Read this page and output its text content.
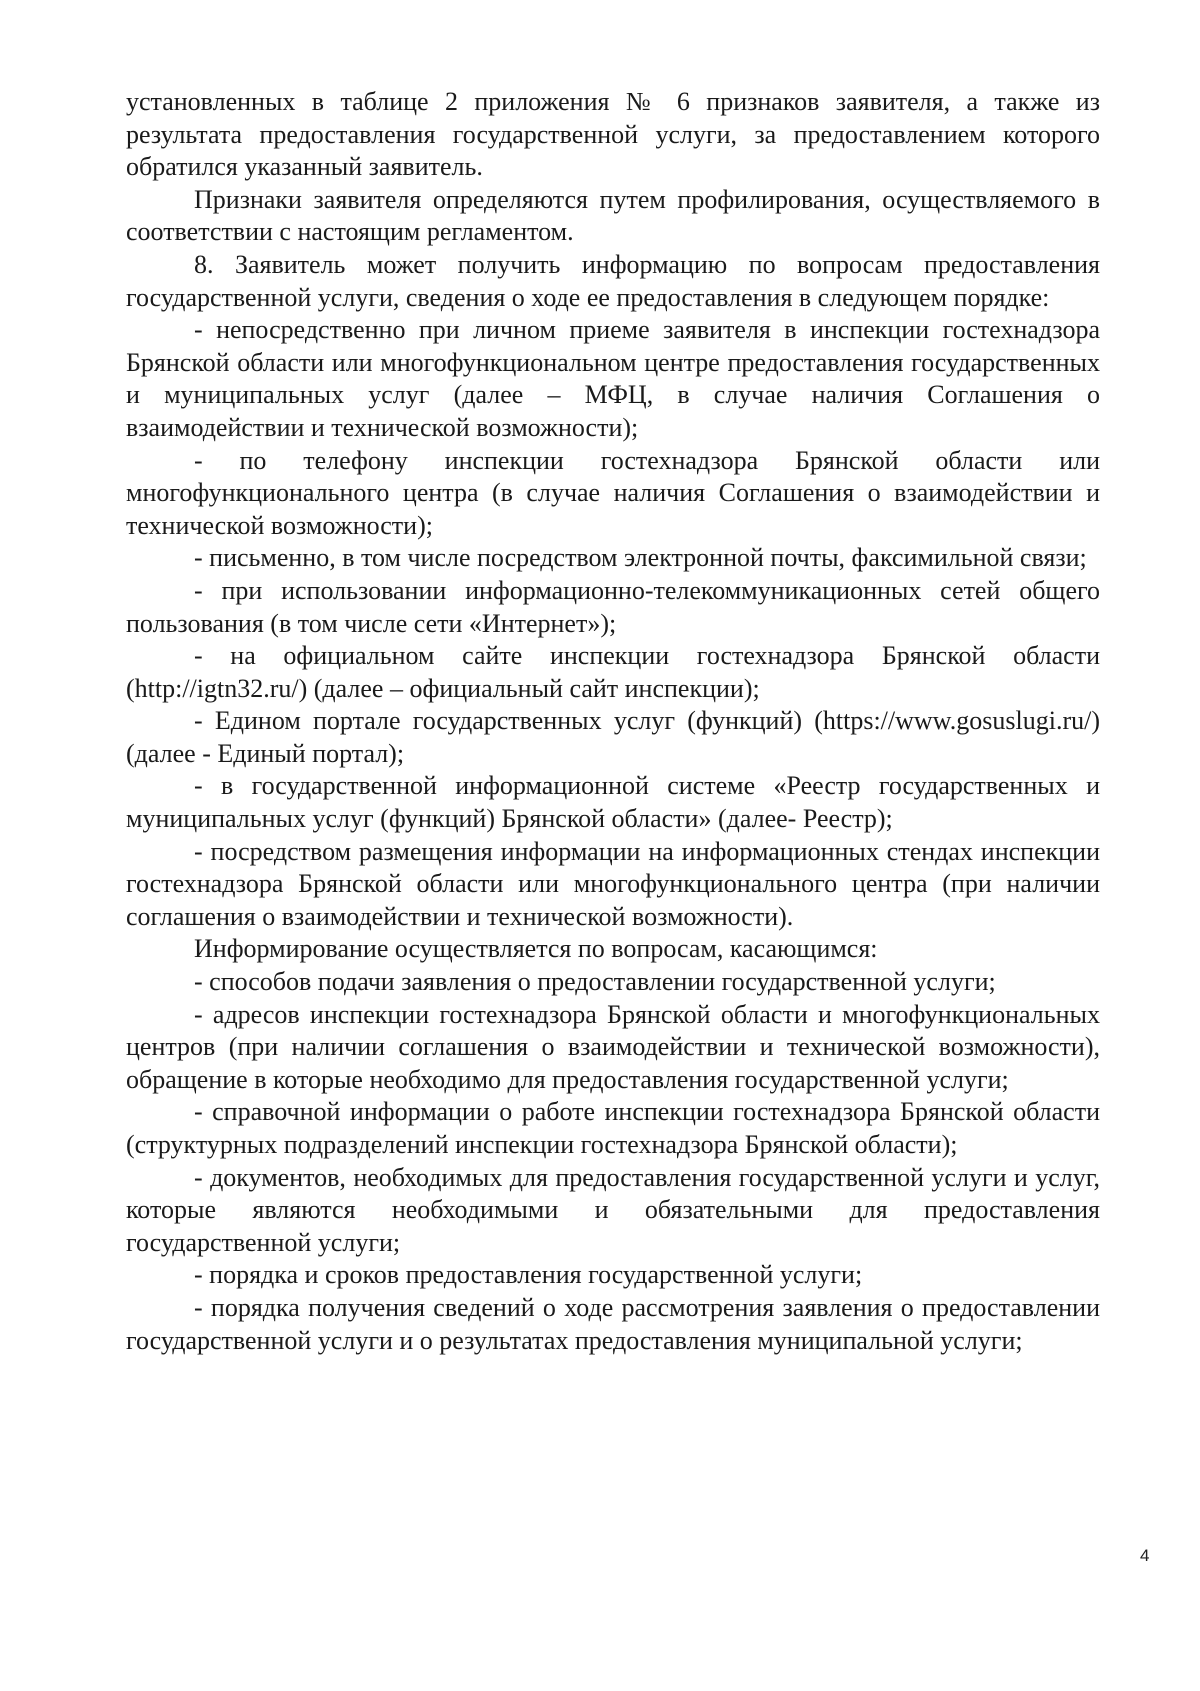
установленных в таблице 2 приложения № 6 признаков заявителя, а также из результата предоставления государственной услуги, за предоставлением которого обратился указанный заявитель.

Признаки заявителя определяются путем профилирования, осуществляемого в соответствии с настоящим регламентом.

8. Заявитель может получить информацию по вопросам предоставления государственной услуги, сведения о ходе ее предоставления в следующем порядке:

- непосредственно при личном приеме заявителя в инспекции гостехнадзора Брянской области или многофункциональном центре предоставления государственных и муниципальных услуг (далее – МФЦ, в случае наличия Соглашения о взаимодействии и технической возможности);

- по телефону инспекции гостехнадзора Брянской области или многофункционального центра (в случае наличия Соглашения о взаимодействии и технической возможности);

- письменно, в том числе посредством электронной почты, факсимильной связи;

- при использовании информационно-телекоммуникационных сетей общего пользования (в том числе сети «Интернет»);

- на официальном сайте инспекции гостехнадзора Брянской области (http://igtn32.ru/) (далее – официальный сайт инспекции);

- Едином портале государственных услуг (функций) (https://www.gosuslugi.ru/) (далее - Единый портал);

- в государственной информационной системе «Реестр государственных и муниципальных услуг (функций) Брянской области» (далее- Реестр);

- посредством размещения информации на информационных стендах инспекции гостехнадзора Брянской области или многофункционального центра (при наличии соглашения о взаимодействии и технической возможности).

Информирование осуществляется по вопросам, касающимся:

- способов подачи заявления о предоставлении государственной услуги;

- адресов инспекции гостехнадзора Брянской области и многофункциональных центров (при наличии соглашения о взаимодействии и технической возможности), обращение в которые необходимо для предоставления государственной услуги;

- справочной информации о работе инспекции гостехнадзора Брянской области (структурных подразделений инспекции гостехнадзора Брянской области);

- документов, необходимых для предоставления государственной услуги и услуг, которые являются необходимыми и обязательными для предоставления государственной услуги;

- порядка и сроков предоставления государственной услуги;

- порядка получения сведений о ходе рассмотрения заявления о предоставлении государственной услуги и о результатах предоставления муниципальной услуги;

4
